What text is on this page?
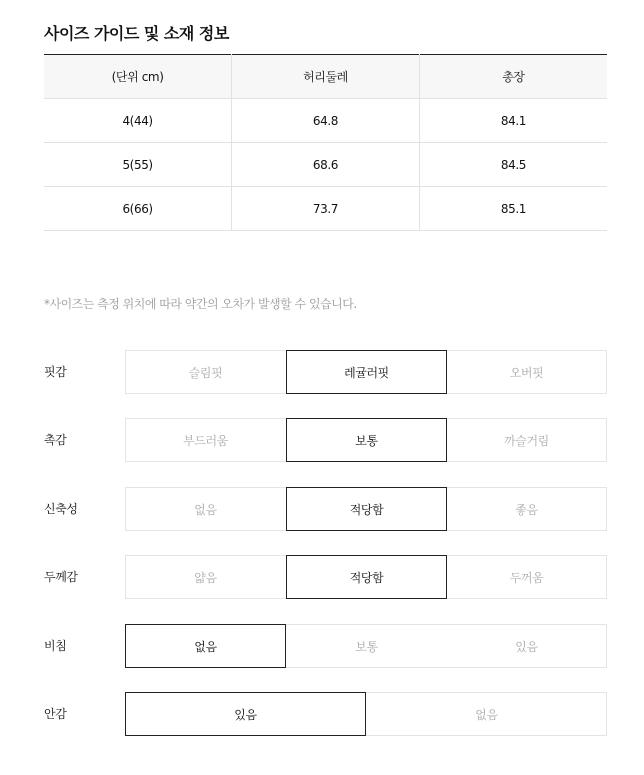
사이즈 가이드 및 소재 정보
(단위 cm)	허리둘레	총장
4(44)	64.8	84.1
5(55)	68.6	84.5
6(66)	73.7	85.1
*사이즈는 측정 위치에 따라 약간의 오차가 발생할 수 있습니다.
핏감	슬림핏	레귤러핏	오버핏
촉감	부드러움	보통	까슬거림
신축성	없음	적당함	좋음
두께감	얇음	적당함	두꺼움
비침	없음	보통	있음
안감	있음	없음
